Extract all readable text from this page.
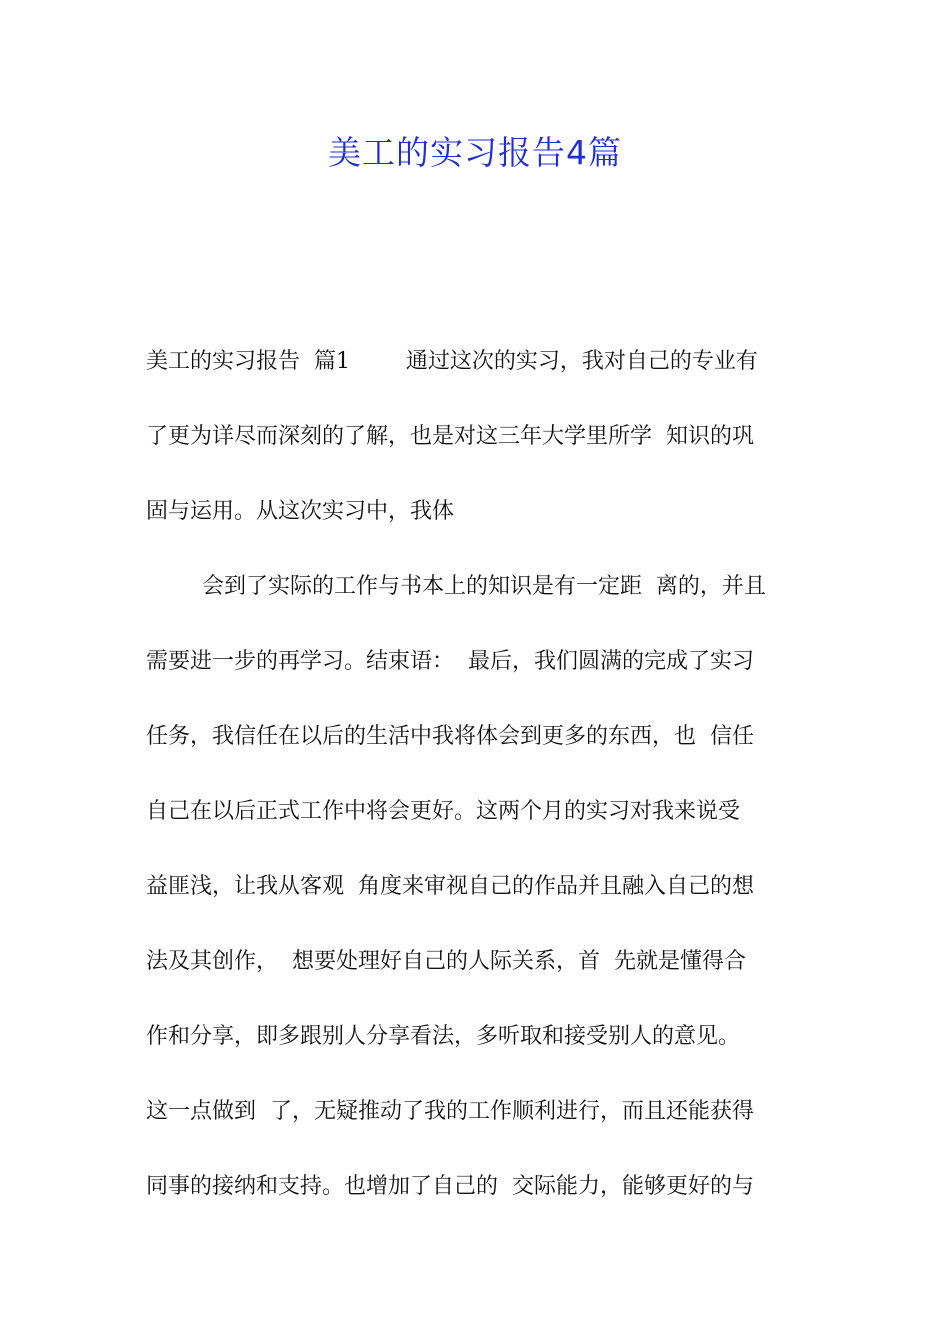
美工的实习报告4篇
美工的实习报告  篇1        通过这次的实习，我对自己的专业有
了更为详尽而深刻的了解，也是对这三年大学里所学  知识的巩
固与运用。从这次实习中，我体
会到了实际的工作与书本上的知识是有一定距  离的，并且
需要进一步的再学习。结束语：  最后，我们圆满的完成了实习
任务，我信任在以后的生活中我将体会到更多的东西，也  信任
自己在以后正式工作中将会更好。这两个月的实习对我来说受
益匪浅，让我从客观  角度来审视自己的作品并且融入自己的想
法及其创作，  想要处理好自己的人际关系，首  先就是懂得合
作和分享，即多跟别人分享看法，多听取和接受别人的意见。
这一点做到  了，无疑推动了我的工作顺利进行，而且还能获得
同事的接纳和支持。也增加了自己的  交际能力，能够更好的与
